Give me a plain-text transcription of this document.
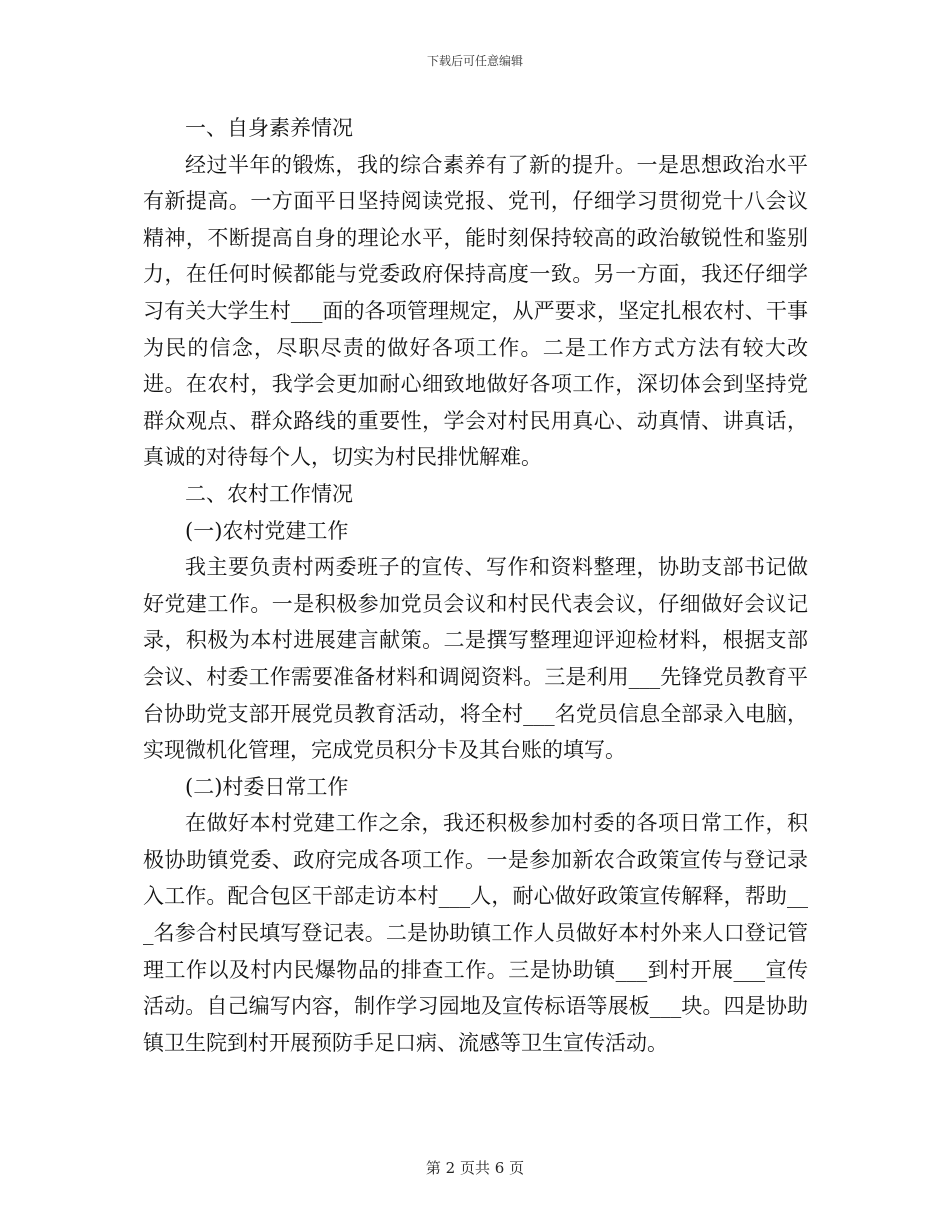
下载后可任意编辑

一、自身素养情况

经过半年的锻炼，我的综合素养有了新的提升。一是思想政治水平有新提高。一方面平日坚持阅读党报、党刊，仔细学习贯彻党十八会议精神，不断提高自身的理论水平，能时刻保持较高的政治敏锐性和鉴别力，在任何时候都能与党委政府保持高度一致。另一方面，我还仔细学习有关大学生村___面的各项管理规定，从严要求，坚定扎根农村、干事为民的信念，尽职尽责的做好各项工作。二是工作方式方法有较大改进。在农村，我学会更加耐心细致地做好各项工作，深切体会到坚持党群众观点、群众路线的重要性，学会对村民用真心、动真情、讲真话，真诚的对待每个人，切实为村民排忧解难。

二、农村工作情况

(一)农村党建工作

我主要负责村两委班子的宣传、写作和资料整理，协助支部书记做好党建工作。一是积极参加党员会议和村民代表会议，仔细做好会议记录，积极为本村进展建言献策。二是撰写整理迎评迎检材料，根据支部会议、村委工作需要准备材料和调阅资料。三是利用___先锋党员教育平台协助党支部开展党员教育活动，将全村___名党员信息全部录入电脑，实现微机化管理，完成党员积分卡及其台账的填写。

(二)村委日常工作

在做好本村党建工作之余，我还积极参加村委的各项日常工作，积极协助镇党委、政府完成各项工作。一是参加新农合政策宣传与登记录入工作。配合包区干部走访本村___人，耐心做好政策宣传解释，帮助___名参合村民填写登记表。二是协助镇工作人员做好本村外来人口登记管理工作以及村内民爆物品的排查工作。三是协助镇___到村开展___宣传活动。自己编写内容，制作学习园地及宣传标语等展板___块。四是协助镇卫生院到村开展预防手足口病、流感等卫生宣传活动。

第 2 页共 6 页
